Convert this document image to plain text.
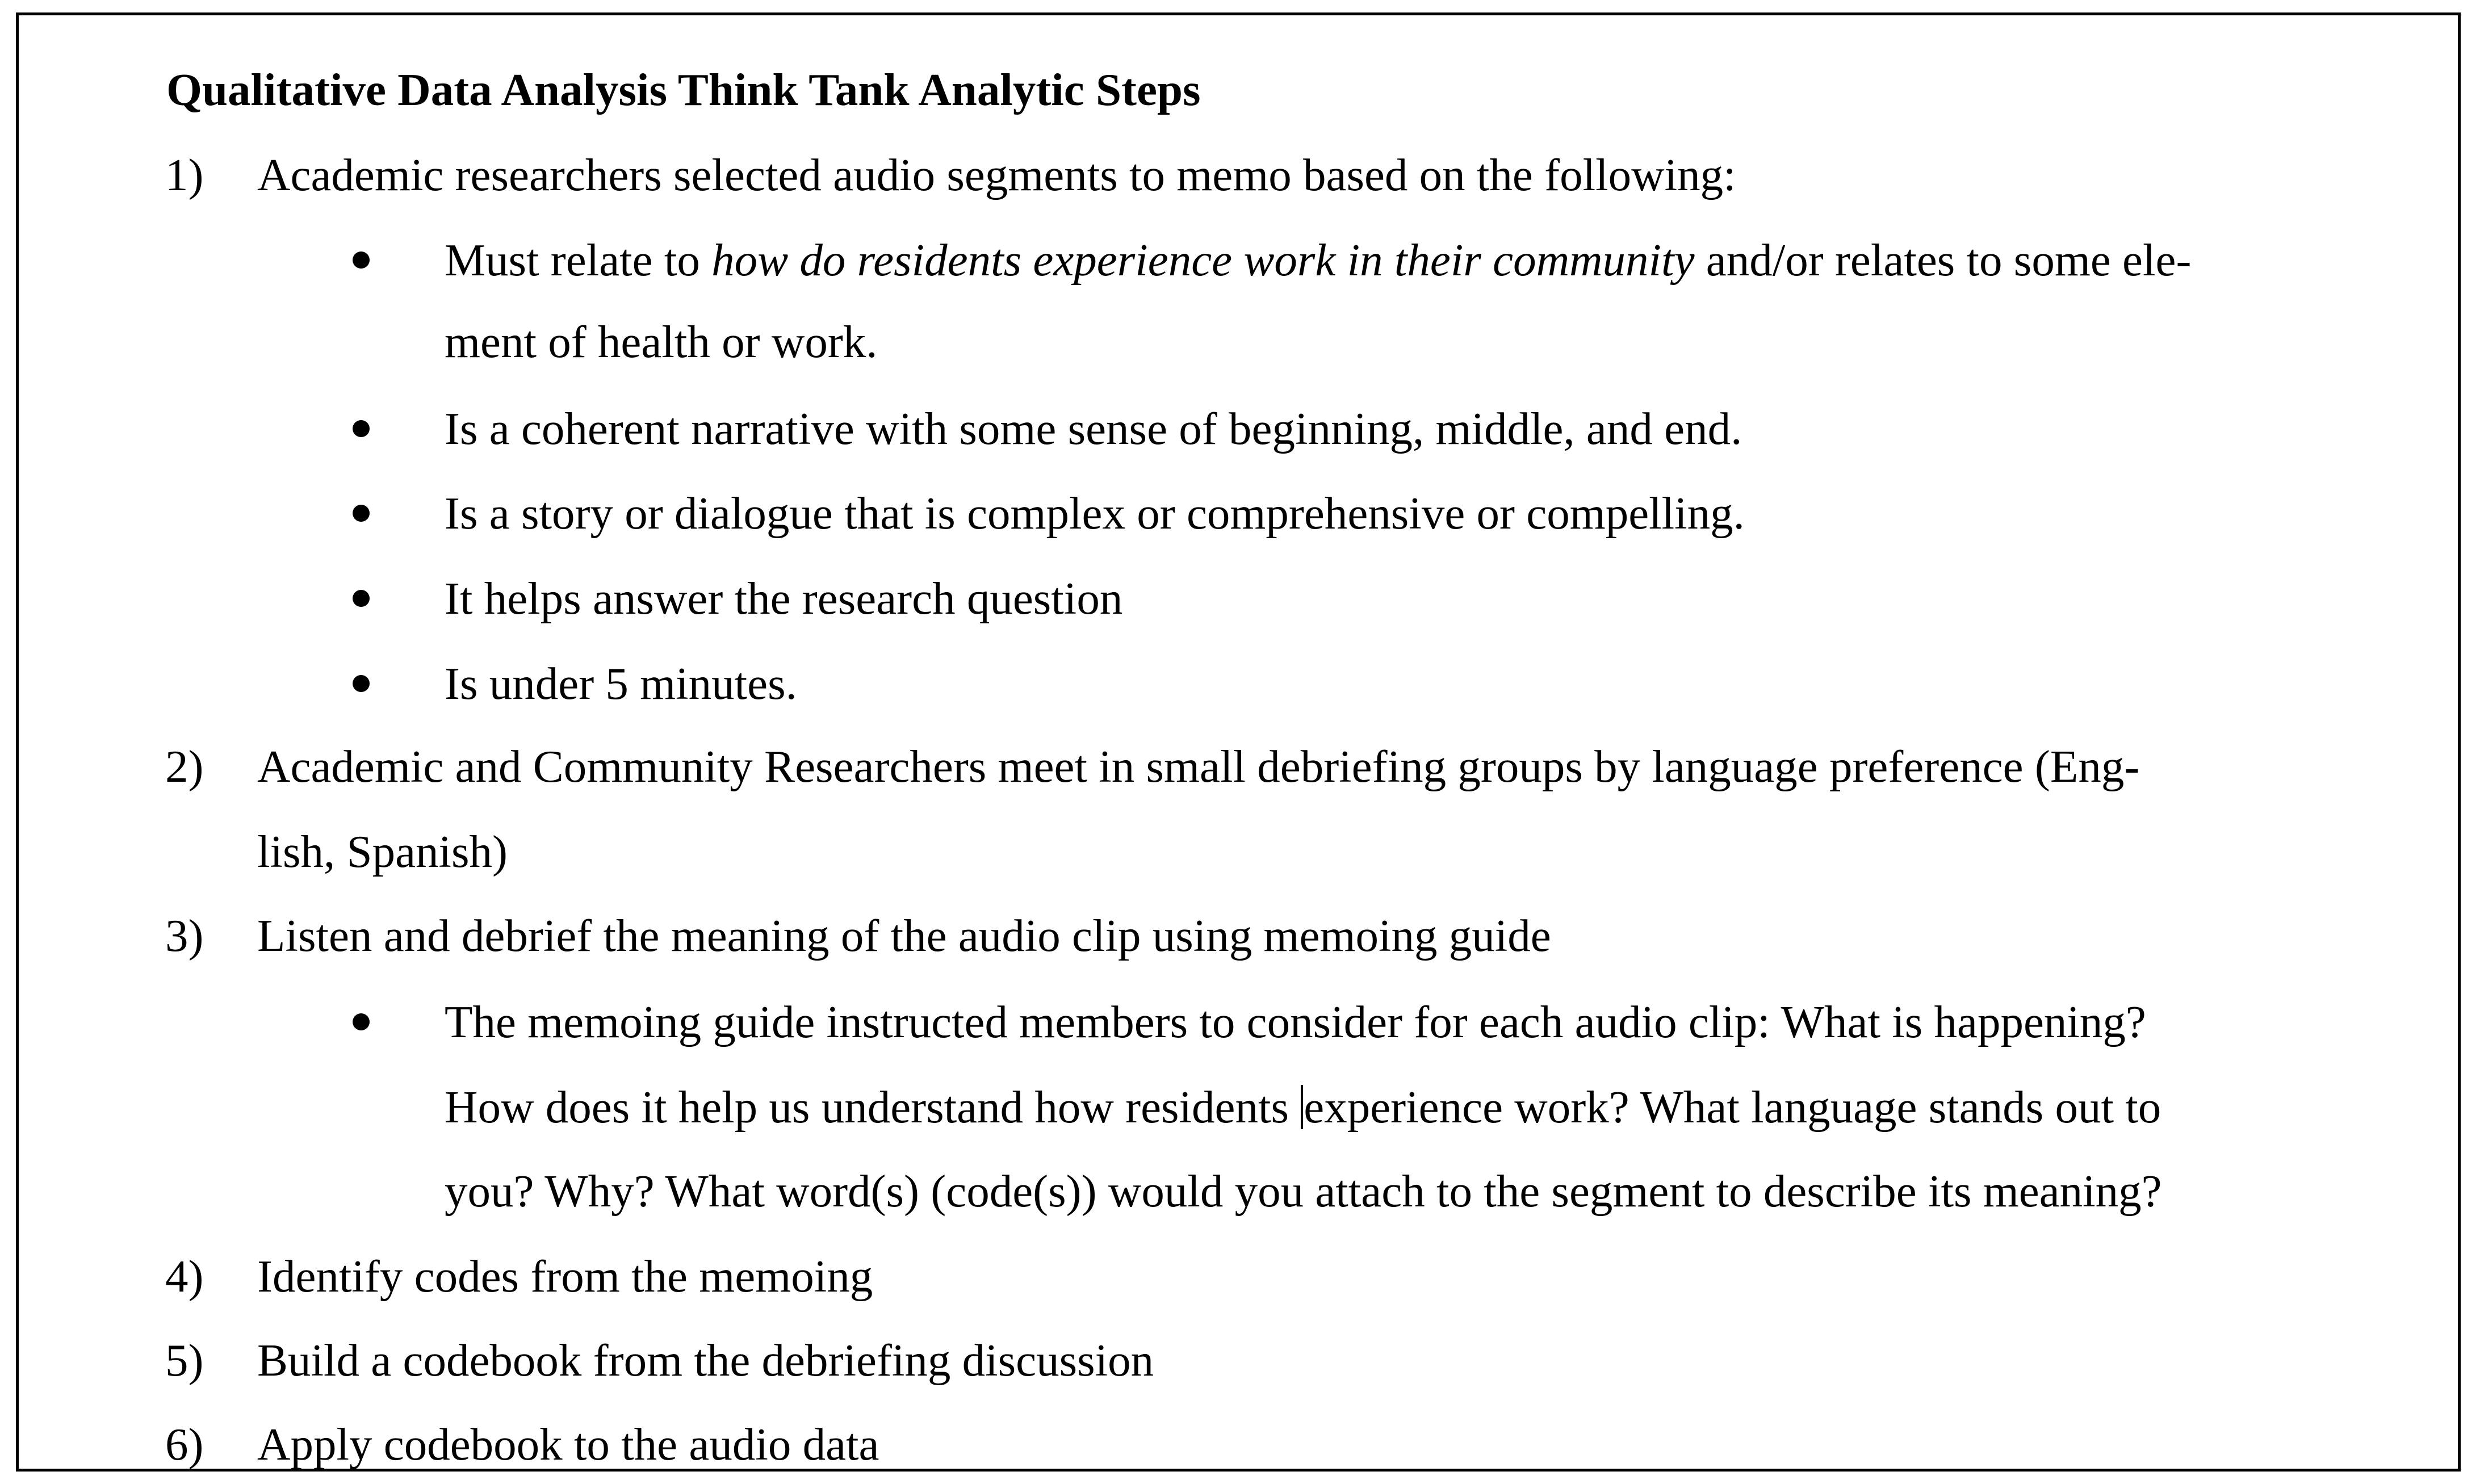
Qualitative Data Analysis Think Tank Analytic Steps
1) Academic researchers selected audio segments to memo based on the following:
Must relate to how do residents experience work in their community and/or relates to some ele-
ment of health or work.
Is a coherent narrative with some sense of beginning, middle, and end.
Is a story or dialogue that is complex or comprehensive or compelling.
It helps answer the research question
Is under 5 minutes.
2) Academic and Community Researchers meet in small debriefing groups by language preference (Eng-
lish, Spanish)
3) Listen and debrief the meaning of the audio clip using memoing guide
The memoing guide instructed members to consider for each audio clip: What is happening?
How does it help us understand how residents experience work? What language stands out to
you? Why? What word(s) (code(s)) would you attach to the segment to describe its meaning?
4) Identify codes from the memoing
5) Build a codebook from the debriefing discussion
6) Apply codebook to the audio data
